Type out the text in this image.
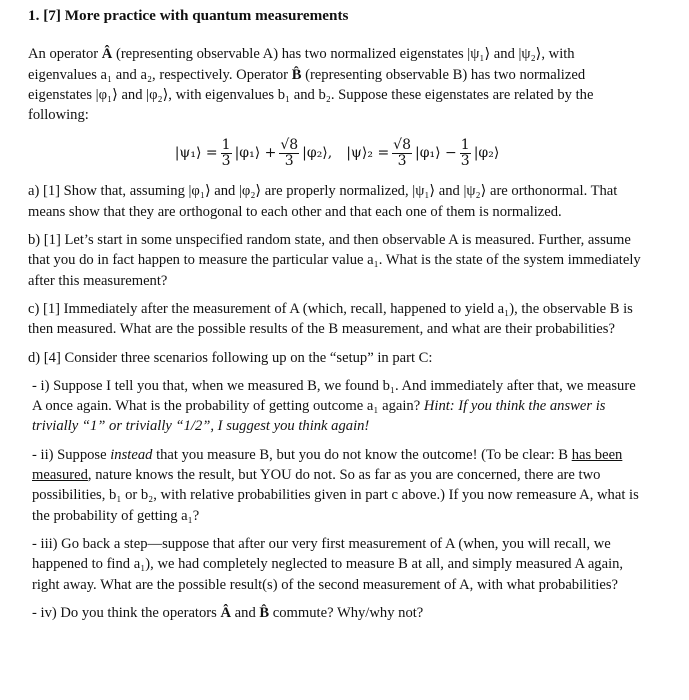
1. [7] More practice with quantum measurements

An operator Â (representing observable A) has two normalized eigenstates |ψ₁⟩ and |ψ₂⟩, with eigenvalues a₁ and a₂, respectively. Operator B̂ (representing observable B) has two normalized eigenstates |φ₁⟩ and |φ₂⟩, with eigenvalues b₁ and b₂. Suppose these eigenstates are related by the following:

|ψ₁⟩ = $\frac{1}{3}$ |φ₁⟩ + $\frac{√8}{3}$ |φ₂⟩, |ψ⟩₂ = $\frac{√8}{3}$ |φ₁⟩ − $\frac{1}{3}$ |φ₂⟩

a) [1] Show that, assuming |φ₁⟩ and |φ₂⟩ are properly normalized, |ψ₁⟩ and |ψ₂⟩ are orthonormal. That means show that they are orthogonal to each other and that each one of them is normalized.

b) [1] Let’s start in some unspecified random state, and then observable A is measured. Further, assume that you do in fact happen to measure the particular value a₁. What is the state of the system immediately after this measurement?

c) [1] Immediately after the measurement of A (which, recall, happened to yield a₁), the observable B is then measured. What are the possible results of the B measurement, and what are their probabilities?

d) [4] Consider three scenarios following up on the “setup” in part C:

- i) Suppose I tell you that, when we measured B, we found b₁. And immediately after that, we measure A once again. What is the probability of getting outcome a₁ again? Hint: If you think the answer is trivially “1” or trivially “1/2”, I suggest you think again!

- ii) Suppose instead that you measure B, but you do not know the outcome! (To be clear: B has been measured, nature knows the result, but YOU do not. So as far as you are concerned, there are two possibilities, b₁ or b₂, with relative probabilities given in part c above.) If you now remeasure A, what is the probability of getting a₁?

- iii) Go back a step—suppose that after our very first measurement of A (when, you will recall, we happened to find a₁), we had completely neglected to measure B at all, and simply measured A again, right away. What are the possible result(s) of the second measurement of A, with what probabilities?

- iv) Do you think the operators Â and B̂ commute? Why/why not?
